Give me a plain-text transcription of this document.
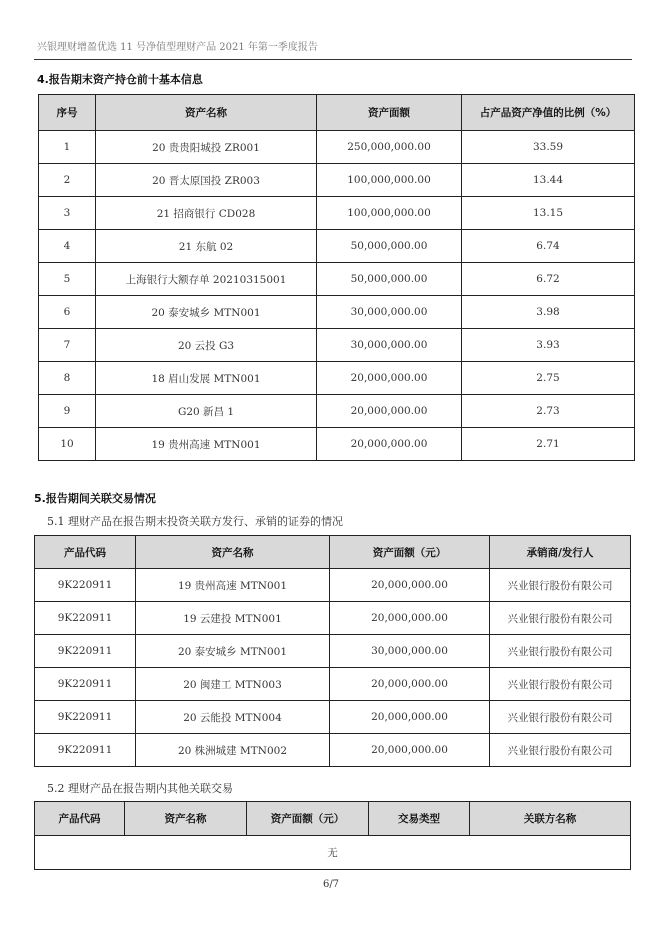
兴银理财增盈优选 11 号净值型理财产品 2021 年第一季度报告
4.报告期末资产持仓前十基本信息
序号	资产名称	资产面额	占产品资产净值的比例（%）
1	20 贵贵阳城投 ZR001	250,000,000.00	33.59
2	20 晋太原国投 ZR003	100,000,000.00	13.44
3	21 招商银行 CD028	100,000,000.00	13.15
4	21 东航 02	50,000,000.00	6.74
5	上海银行大额存单 20210315001	50,000,000.00	6.72
6	20 泰安城乡 MTN001	30,000,000.00	3.98
7	20 云投 G3	30,000,000.00	3.93
8	18 眉山发展 MTN001	20,000,000.00	2.75
9	G20 新昌 1	20,000,000.00	2.73
10	19 贵州高速 MTN001	20,000,000.00	2.71
5.报告期间关联交易情况
5.1 理财产品在报告期末投资关联方发行、承销的证券的情况
产品代码	资产名称	资产面额（元）	承销商/发行人
9K220911	19 贵州高速 MTN001	20,000,000.00	兴业银行股份有限公司
9K220911	19 云建投 MTN001	20,000,000.00	兴业银行股份有限公司
9K220911	20 泰安城乡 MTN001	30,000,000.00	兴业银行股份有限公司
9K220911	20 闽建工 MTN003	20,000,000.00	兴业银行股份有限公司
9K220911	20 云能投 MTN004	20,000,000.00	兴业银行股份有限公司
9K220911	20 株洲城建 MTN002	20,000,000.00	兴业银行股份有限公司
5.2 理财产品在报告期内其他关联交易
产品代码	资产名称	资产面额（元）	交易类型	关联方名称
无
6/7
